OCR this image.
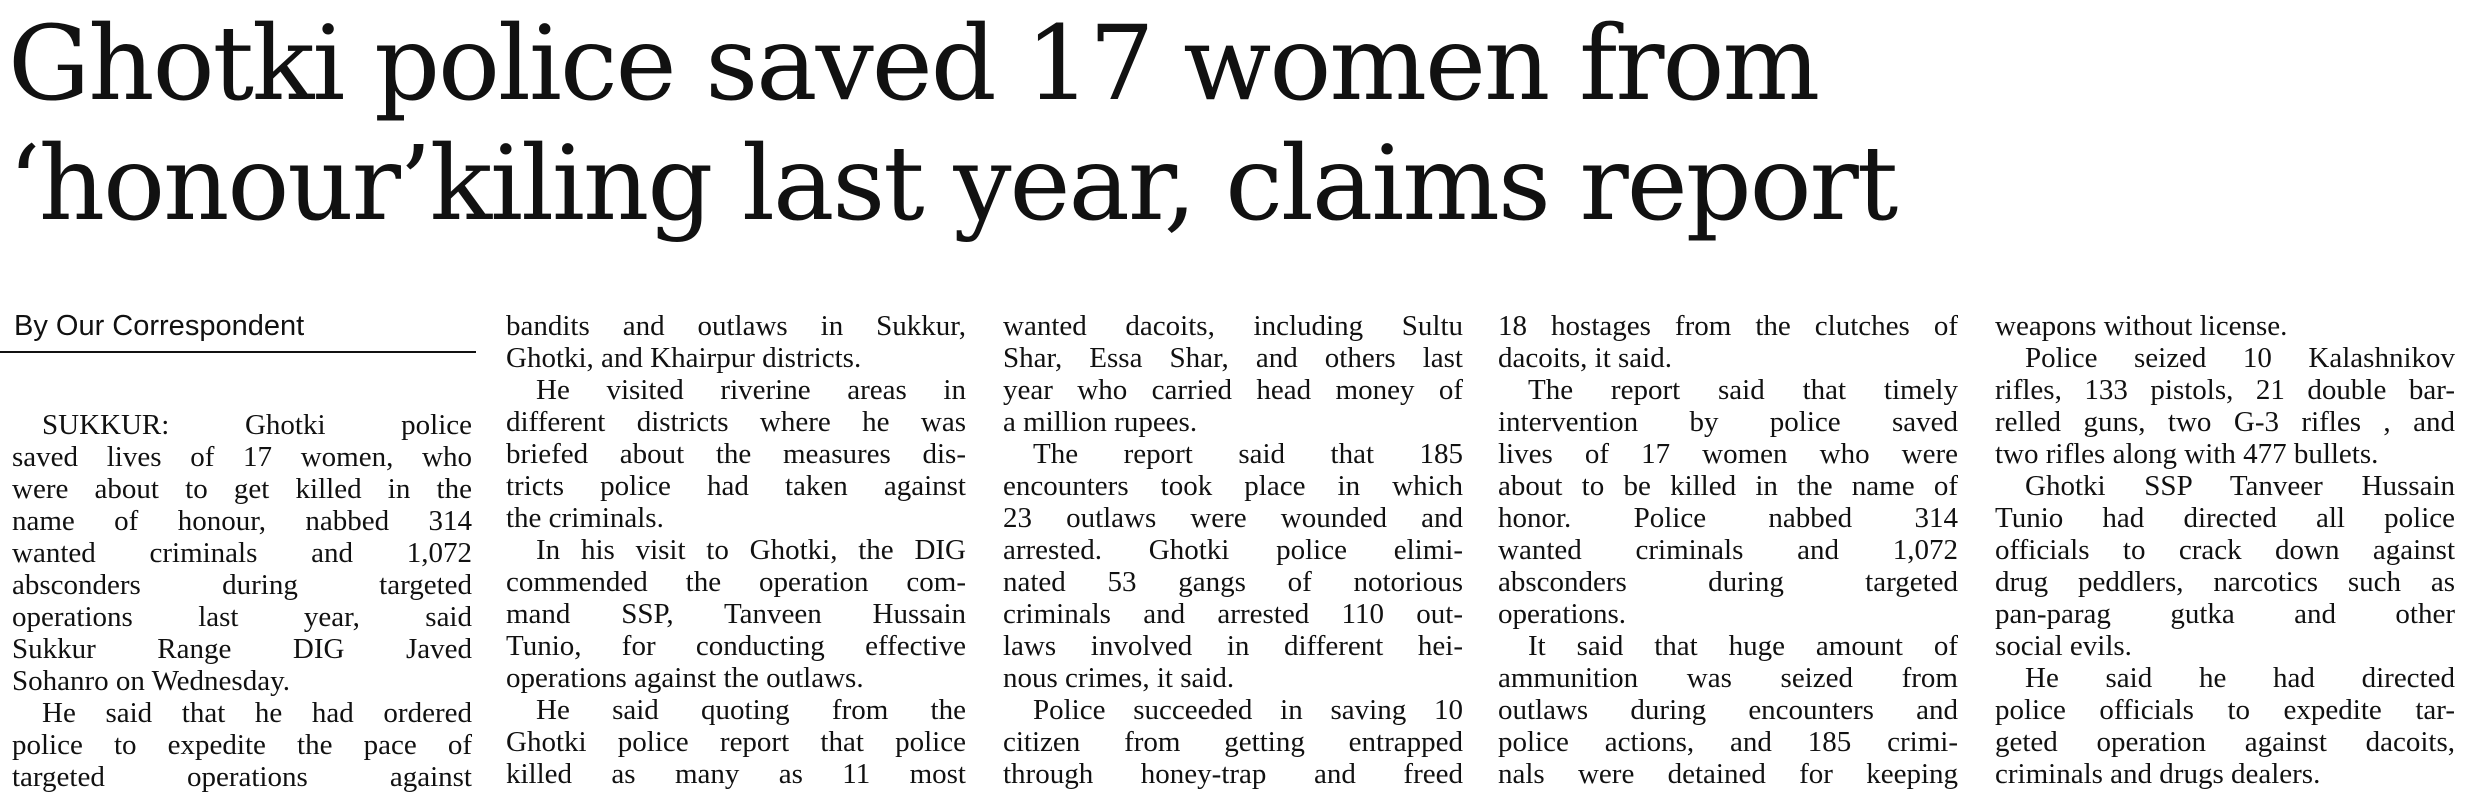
Ghotki police saved 17 women from
‘honour’kiling last year, claims report
By Our Correspondent
SUKKUR: Ghotki police
saved lives of 17 women, who
were about to get killed in the
name of honour, nabbed 314
wanted criminals and 1,072
absconders during targeted
operations last year, said
Sukkur Range DIG Javed
Sohanro on Wednesday.
He said that he had ordered
police to expedite the pace of
targeted operations against
bandits and outlaws in Sukkur,
Ghotki, and Khairpur districts.
He visited riverine areas in
different districts where he was
briefed about the measures dis-
tricts police had taken against
the criminals.
In his visit to Ghotki, the DIG
commended the operation com-
mand SSP, Tanveen Hussain
Tunio, for conducting effective
operations against the outlaws.
He said quoting from the
Ghotki police report that police
killed as many as 11 most
wanted dacoits, including Sultu
Shar, Essa Shar, and others last
year who carried head money of
a million rupees.
The report said that 185
encounters took place in which
23 outlaws were wounded and
arrested. Ghotki police elimi-
nated 53 gangs of notorious
criminals and arrested 110 out-
laws involved in different hei-
nous crimes, it said.
Police succeeded in saving 10
citizen from getting entrapped
through honey-trap and freed
18 hostages from the clutches of
dacoits, it said.
The report said that timely
intervention by police saved
lives of 17 women who were
about to be killed in the name of
honor. Police nabbed 314
wanted criminals and 1,072
absconders during targeted
operations.
It said that huge amount of
ammunition was seized from
outlaws during encounters and
police actions, and 185 crimi-
nals were detained for keeping
weapons without license.
Police seized 10 Kalashnikov
rifles, 133 pistols, 21 double bar-
relled guns, two G-3 rifles , and
two rifles along with 477 bullets.
Ghotki SSP Tanveer Hussain
Tunio had directed all police
officials to crack down against
drug peddlers, narcotics such as
pan-parag gutka and other
social evils.
He said he had directed
police officials to expedite tar-
geted operation against dacoits,
criminals and drugs dealers.
